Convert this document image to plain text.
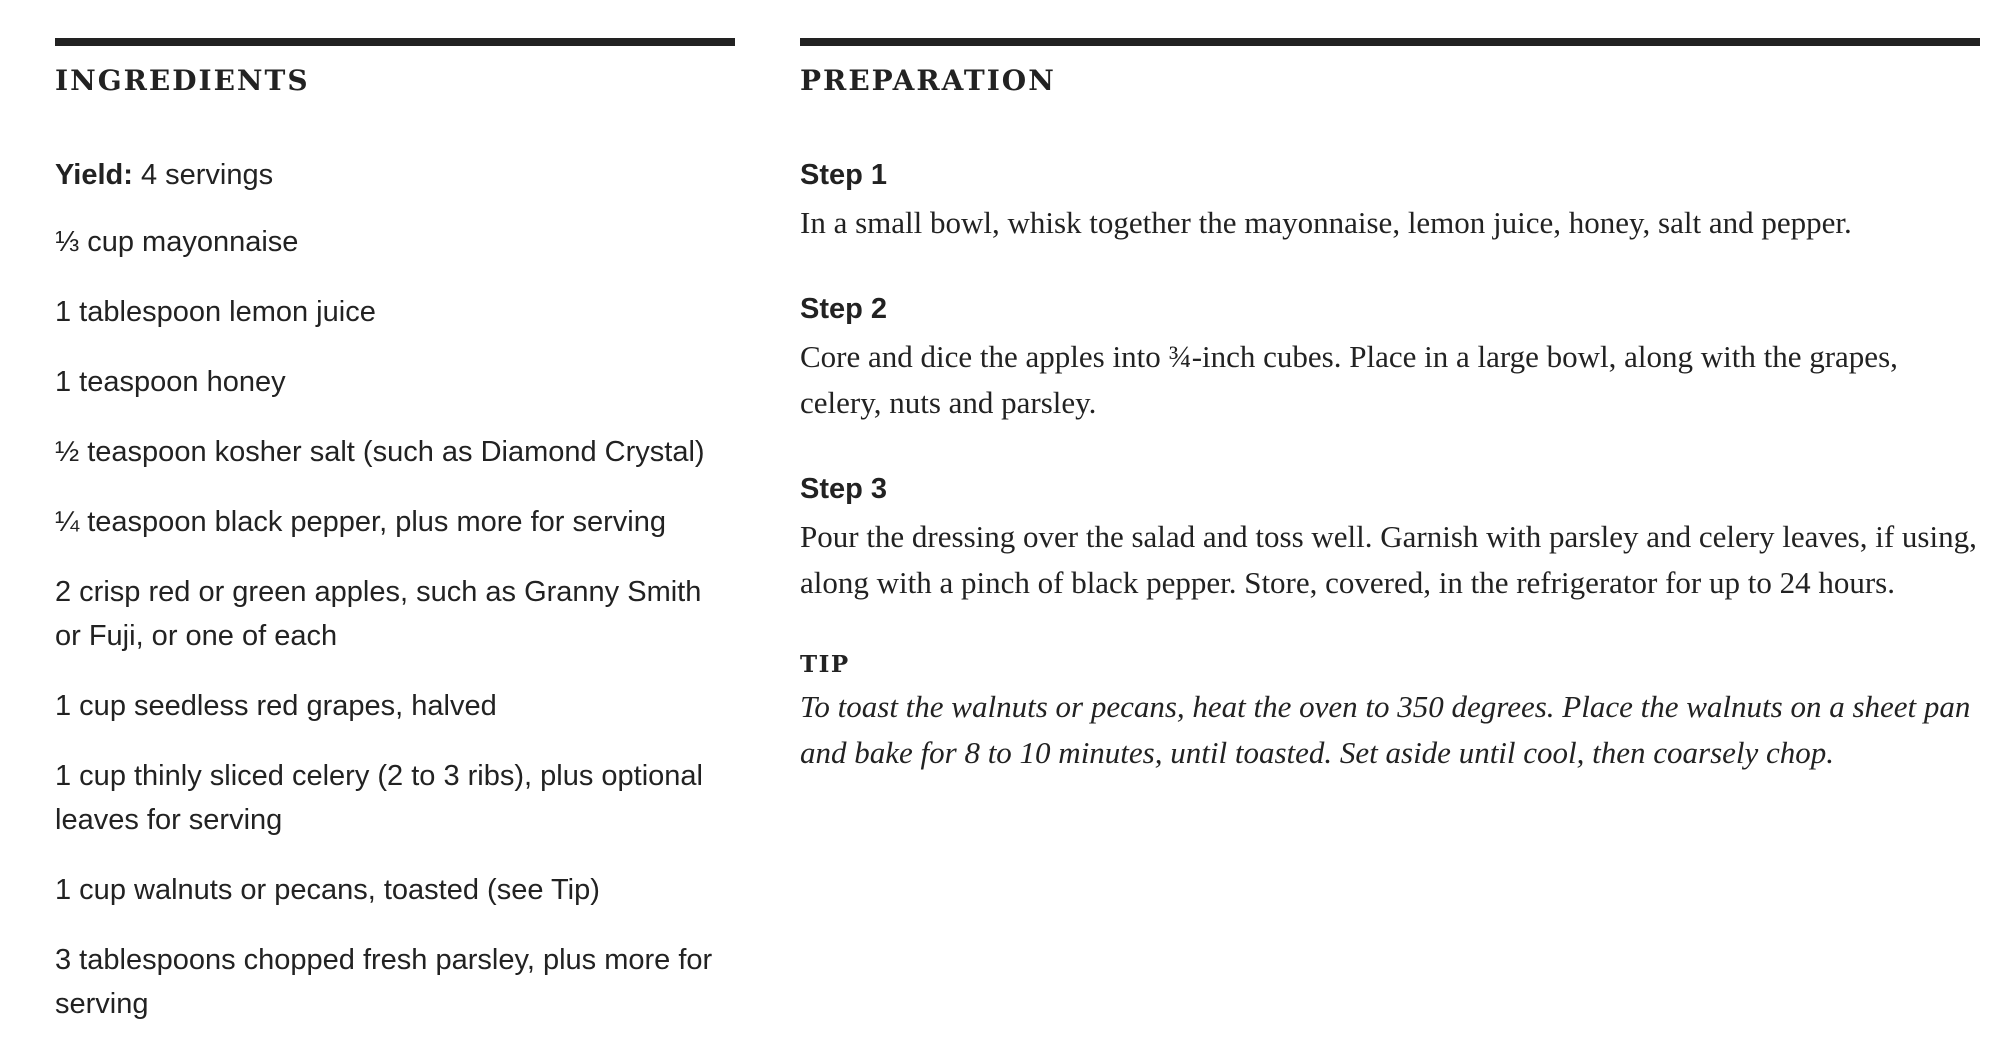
INGREDIENTS
Yield: 4 servings
⅓ cup mayonnaise
1 tablespoon lemon juice
1 teaspoon honey
½ teaspoon kosher salt (such as Diamond Crystal)
¼ teaspoon black pepper, plus more for serving
2 crisp red or green apples, such as Granny Smith or Fuji, or one of each
1 cup seedless red grapes, halved
1 cup thinly sliced celery (2 to 3 ribs), plus optional leaves for serving
1 cup walnuts or pecans, toasted (see Tip)
3 tablespoons chopped fresh parsley, plus more for serving
PREPARATION
Step 1

In a small bowl, whisk together the mayonnaise, lemon juice, honey, salt and pepper.

Step 2

Core and dice the apples into ¾-inch cubes. Place in a large bowl, along with the grapes, celery, nuts and parsley.

Step 3

Pour the dressing over the salad and toss well. Garnish with parsley and celery leaves, if using, along with a pinch of black pepper. Store, covered, in the refrigerator for up to 24 hours.

TIP

To toast the walnuts or pecans, heat the oven to 350 degrees. Place the walnuts on a sheet pan and bake for 8 to 10 minutes, until toasted. Set aside until cool, then coarsely chop.
